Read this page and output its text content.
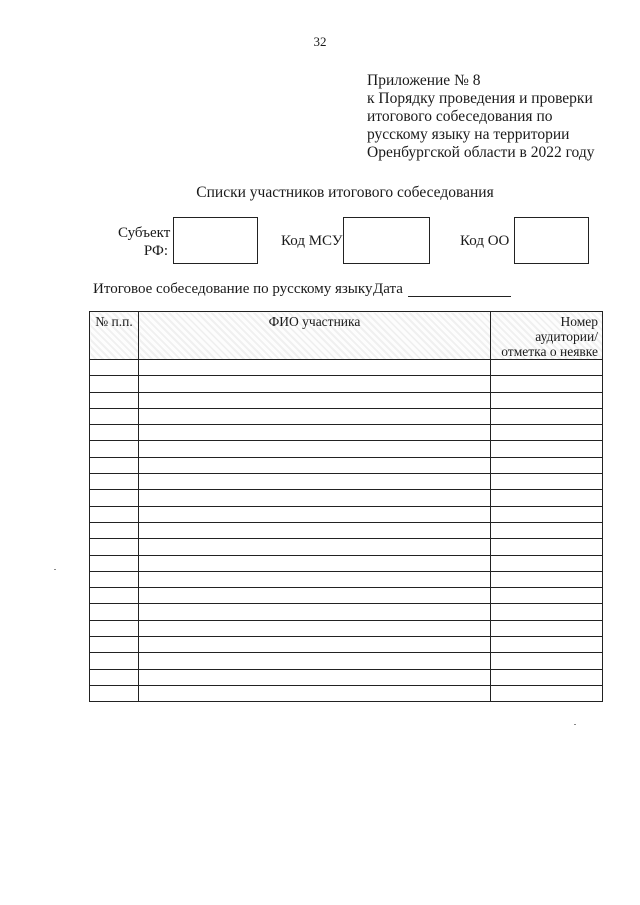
32
Приложение № 8
к Порядку проведения и проверки
итогового собеседования по
русскому языку на территории
Оренбургской области в 2022 году
Списки участников итогового собеседования
Субъект
РФ:
Код МСУ	Код ОО
Итоговое собеседование по русскому языку Дата
№ п.п.	ФИО участника	Номер
аудитории/
отметка о неявке
